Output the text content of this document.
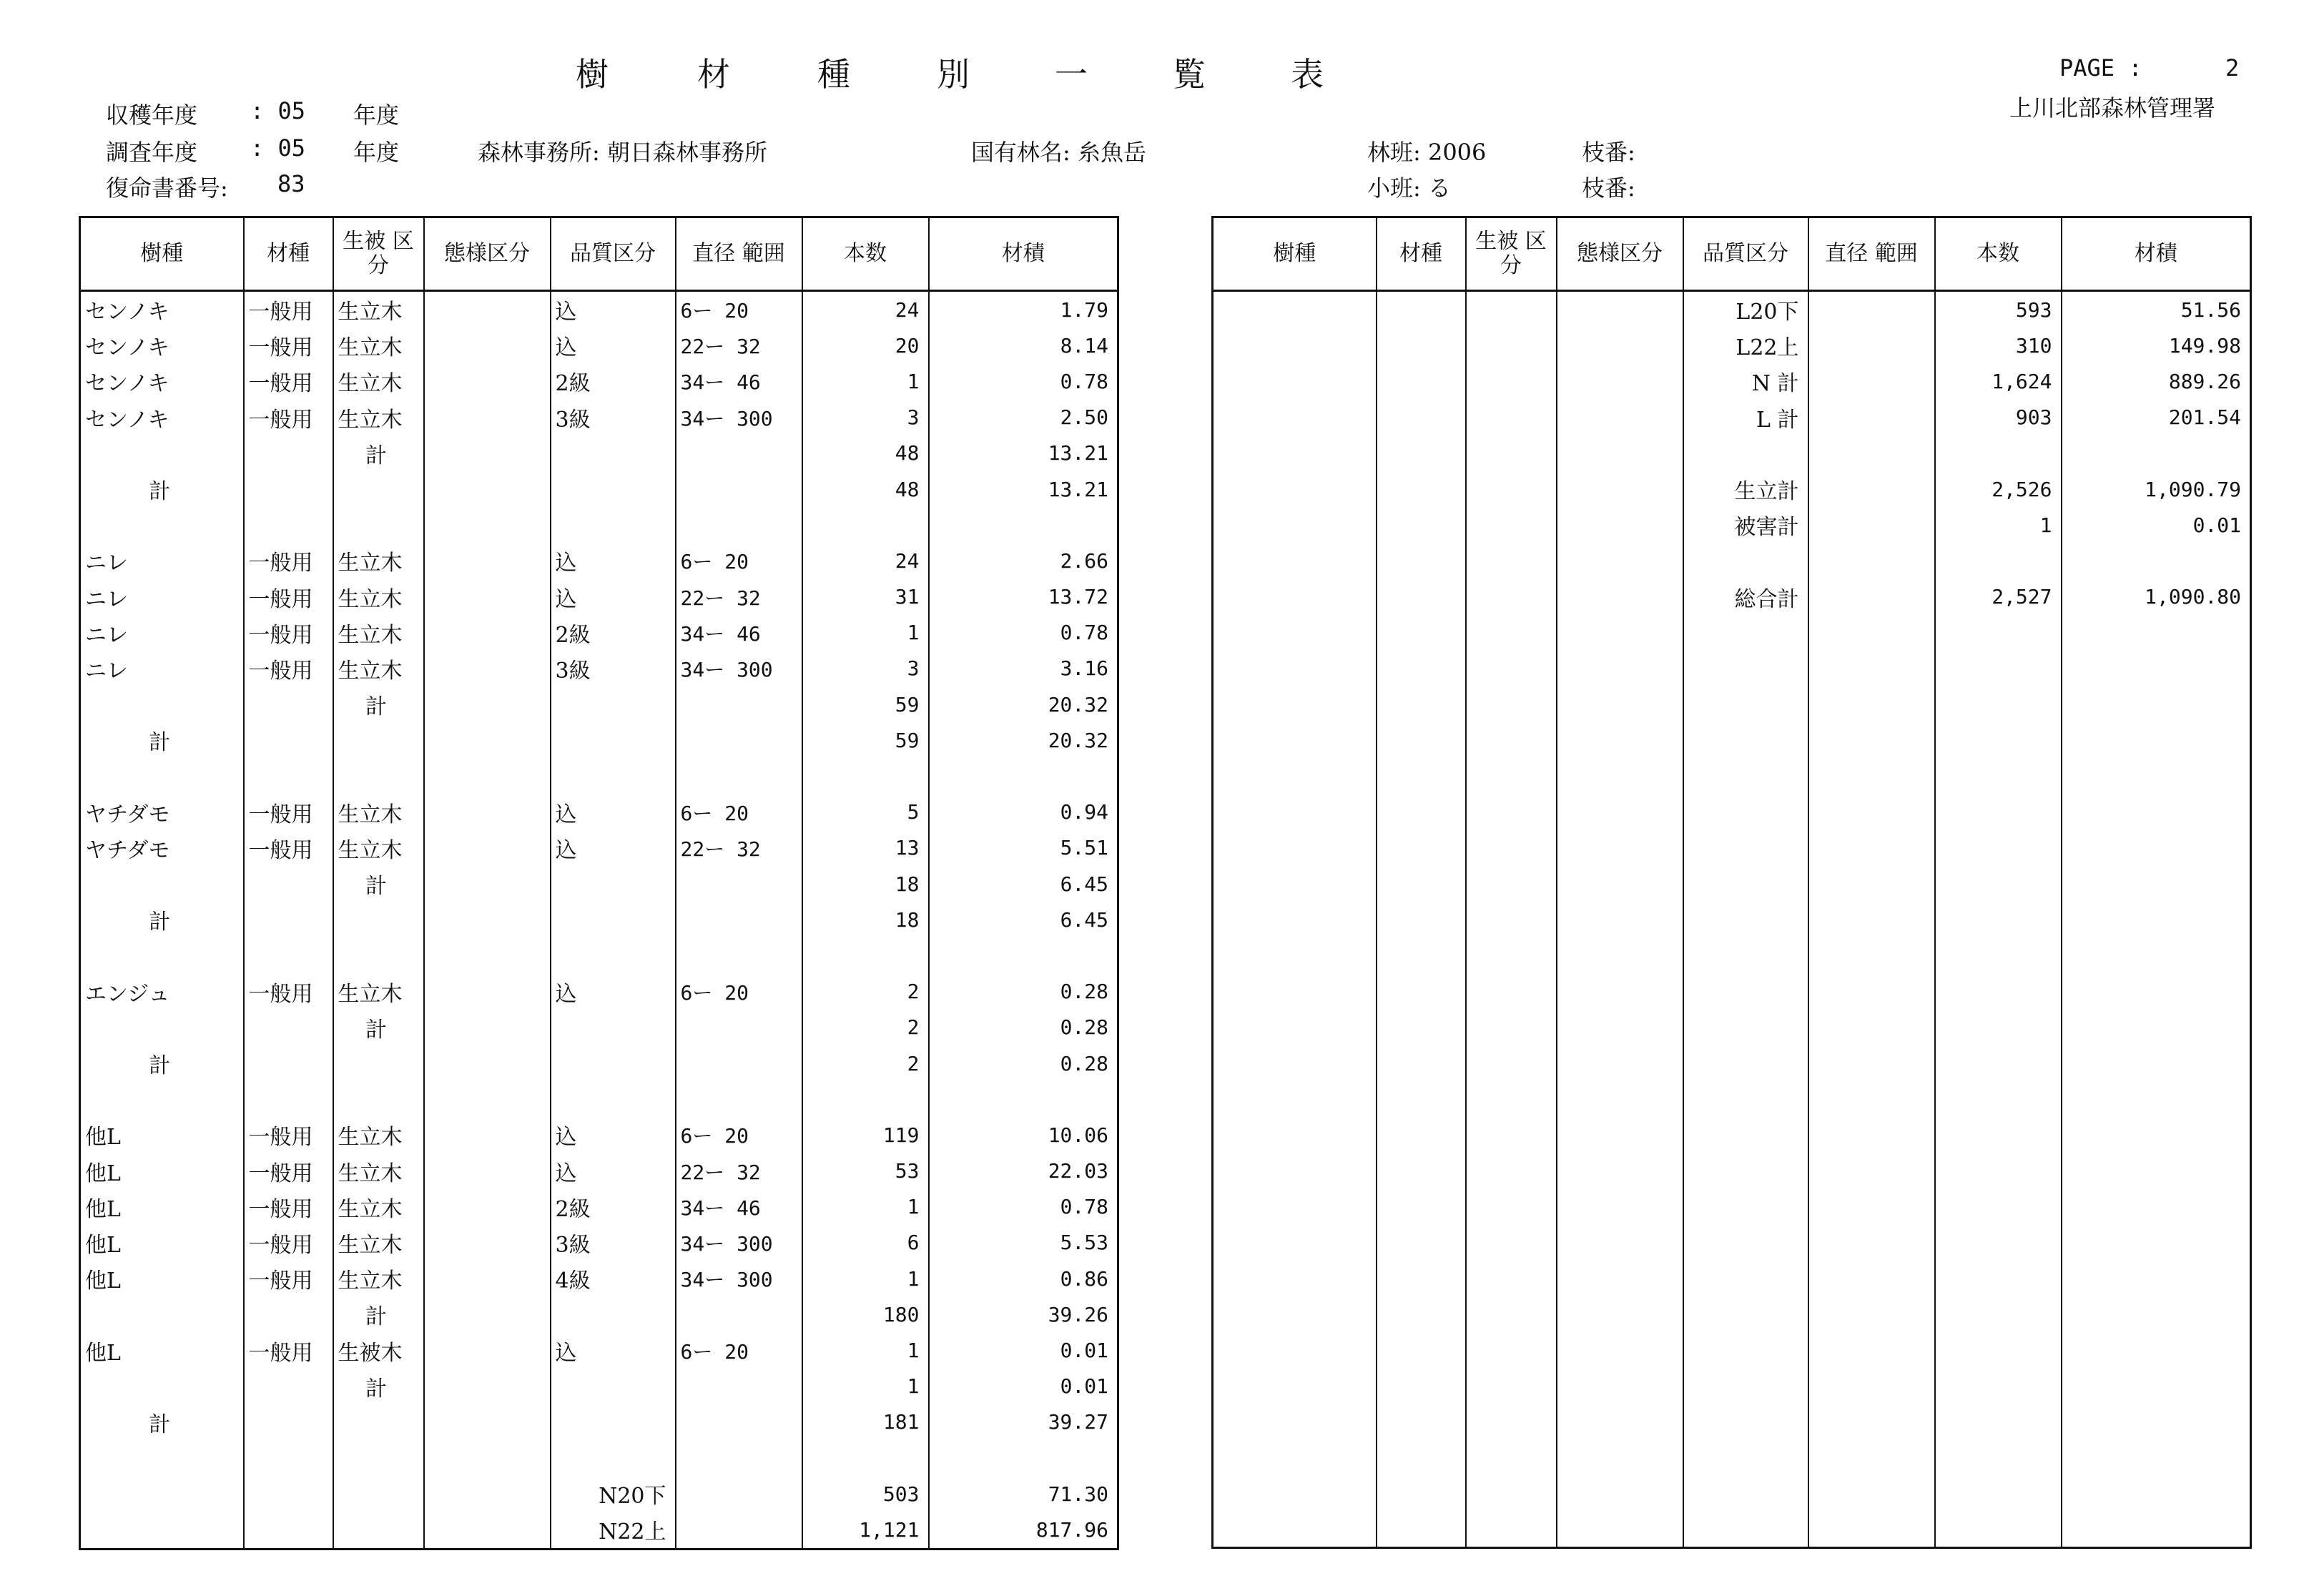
樹	材	種	別	一	覧	表	PAGE :	2
上川北部森林管理署
収穫年度 : 05 年度
調査年度 : 05 年度	森林事務所: 朝日森林事務所	国有林名: 糸魚岳	林班: 2006	枝番:
復命書番号: 83	小班: る	枝番:
樹種	材種	生被 区分	態様区分	品質区分	直径 範囲	本数	材積
センノキ	一般用	生立木		込	6ー 20	24	1.79
センノキ	一般用	生立木		込	22ー 32	20	8.14
センノキ	一般用	生立木		2級	34ー 46	1	0.78
センノキ	一般用	生立木		3級	34ー 300	3	2.50
		計				48	13.21
計						48	13.21

ニレ	一般用	生立木		込	6ー 20	24	2.66
ニレ	一般用	生立木		込	22ー 32	31	13.72
ニレ	一般用	生立木		2級	34ー 46	1	0.78
ニレ	一般用	生立木		3級	34ー 300	3	3.16
		計				59	20.32
計						59	20.32

ヤチダモ	一般用	生立木		込	6ー 20	5	0.94
ヤチダモ	一般用	生立木		込	22ー 32	13	5.51
		計				18	6.45
計						18	6.45

エンジュ	一般用	生立木		込	6ー 20	2	0.28
		計				2	0.28
計						2	0.28

他L	一般用	生立木		込	6ー 20	119	10.06
他L	一般用	生立木		込	22ー 32	53	22.03
他L	一般用	生立木		2級	34ー 46	1	0.78
他L	一般用	生立木		3級	34ー 300	6	5.53
他L	一般用	生立木		4級	34ー 300	1	0.86
		計				180	39.26
他L	一般用	生被木		込	6ー 20	1	0.01
		計				1	0.01
計						181	39.27

				N20下		503	71.30
				N22上		1,121	817.96

樹種	材種	生被 区分	態様区分	品質区分	直径 範囲	本数	材積
				L20下		593	51.56
				L22上		310	149.98
				N 計		1,624	889.26
				L 計		903	201.54

				生立計		2,526	1,090.79
				被害計		1	0.01

				総合計		2,527	1,090.80
